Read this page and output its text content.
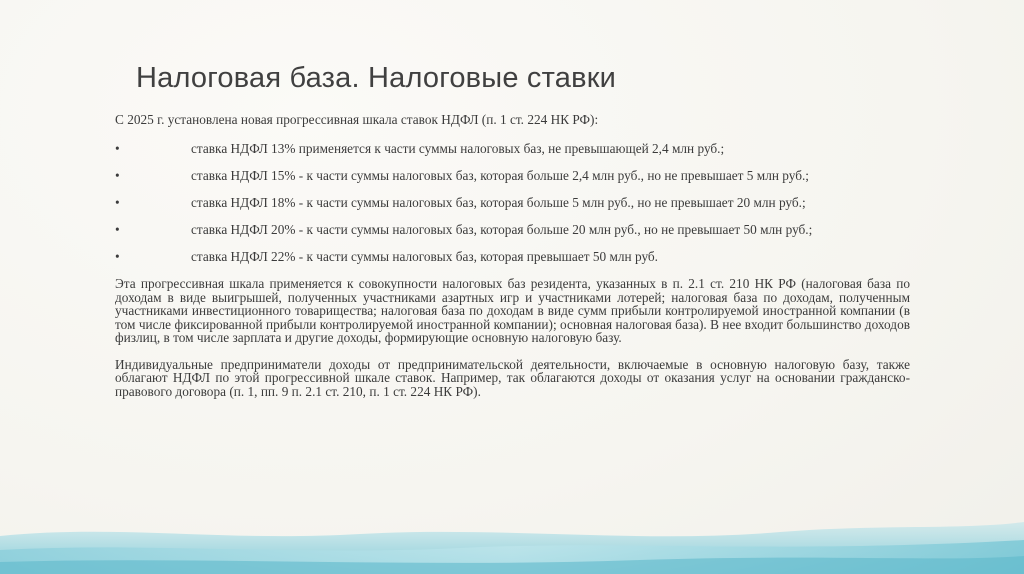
Налоговая база. Налоговые ставки

С 2025 г. установлена новая прогрессивная шкала ставок НДФЛ (п. 1 ст. 224 НК РФ):

•	ставка НДФЛ 13% применяется к части суммы налоговых баз, не превышающей 2,4 млн руб.;
•	ставка НДФЛ 15% - к части суммы налоговых баз, которая больше 2,4 млн руб., но не превышает 5 млн руб.;
•	ставка НДФЛ 18% - к части суммы налоговых баз, которая больше 5 млн руб., но не превышает 20 млн руб.;
•	ставка НДФЛ 20% - к части суммы налоговых баз, которая больше 20 млн руб., но не превышает 50 млн руб.;
•	ставка НДФЛ 22% - к части суммы налоговых баз, которая превышает 50 млн руб.

Эта прогрессивная шкала применяется к совокупности налоговых баз резидента, указанных в п. 2.1 ст. 210 НК РФ (налоговая база по доходам в виде выигрышей, полученных участниками азартных игр и участниками лотерей; налоговая база по доходам, полученным участниками инвестиционного товарищества; налоговая база по доходам в виде сумм прибыли контролируемой иностранной компании (в том числе фиксированной прибыли контролируемой иностранной компании); основная налоговая база). В нее входит большинство доходов физлиц, в том числе зарплата и другие доходы, формирующие основную налоговую базу.

Индивидуальные предприниматели доходы от предпринимательской деятельности, включаемые в основную налоговую базу, также облагают НДФЛ по этой прогрессивной шкале ставок. Например, так облагаются доходы от оказания услуг на основании гражданско-правового договора (п. 1, пп. 9 п. 2.1 ст. 210, п. 1 ст. 224 НК РФ).
